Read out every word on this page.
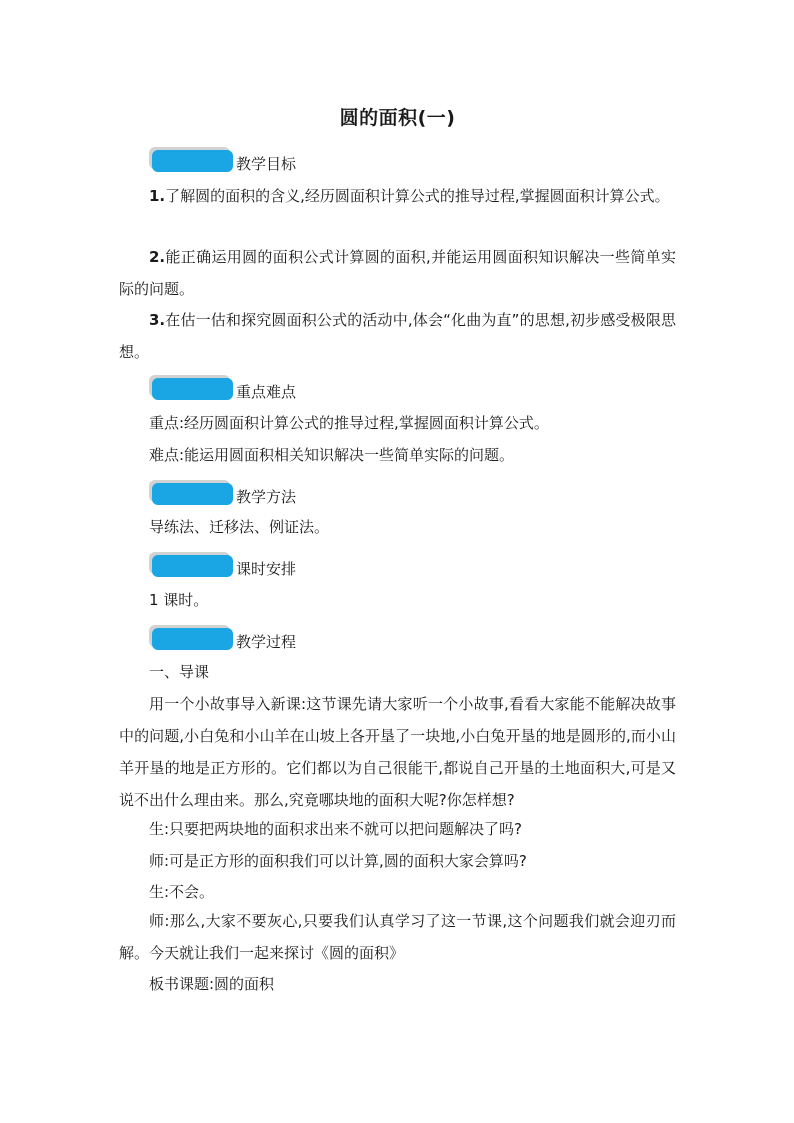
圆的面积(一)
教学目标

1.了解圆的面积的含义,经历圆面积计算公式的推导过程,掌握圆面积计算公式。

2.能正确运用圆的面积公式计算圆的面积,并能运用圆面积知识解决一些简单实际的问题。

3.在估一估和探究圆面积公式的活动中,体会“化曲为直”的思想,初步感受极限思想。

重点难点
重点:经历圆面积计算公式的推导过程,掌握圆面积计算公式。
难点:能运用圆面积相关知识解决一些简单实际的问题。
教学方法
导练法、迁移法、例证法。
课时安排
1 课时。
教学过程
一、导课

用一个小故事导入新课:这节课先请大家听一个小故事,看看大家能不能解决故事中的问题,小白兔和小山羊在山坡上各开垦了一块地,小白兔开垦的地是圆形的,而小山羊开垦的地是正方形的。它们都以为自己很能干,都说自己开垦的土地面积大,可是又说不出什么理由来。那么,究竟哪块地的面积大呢?你怎样想?

生:只要把两块地的面积求出来不就可以把问题解决了吗?
师:可是正方形的面积我们可以计算,圆的面积大家会算吗?
生:不会。

师:那么,大家不要灰心,只要我们认真学习了这一节课,这个问题我们就会迎刃而解。今天就让我们一起来探讨《圆的面积》

板书课题:圆的面积
